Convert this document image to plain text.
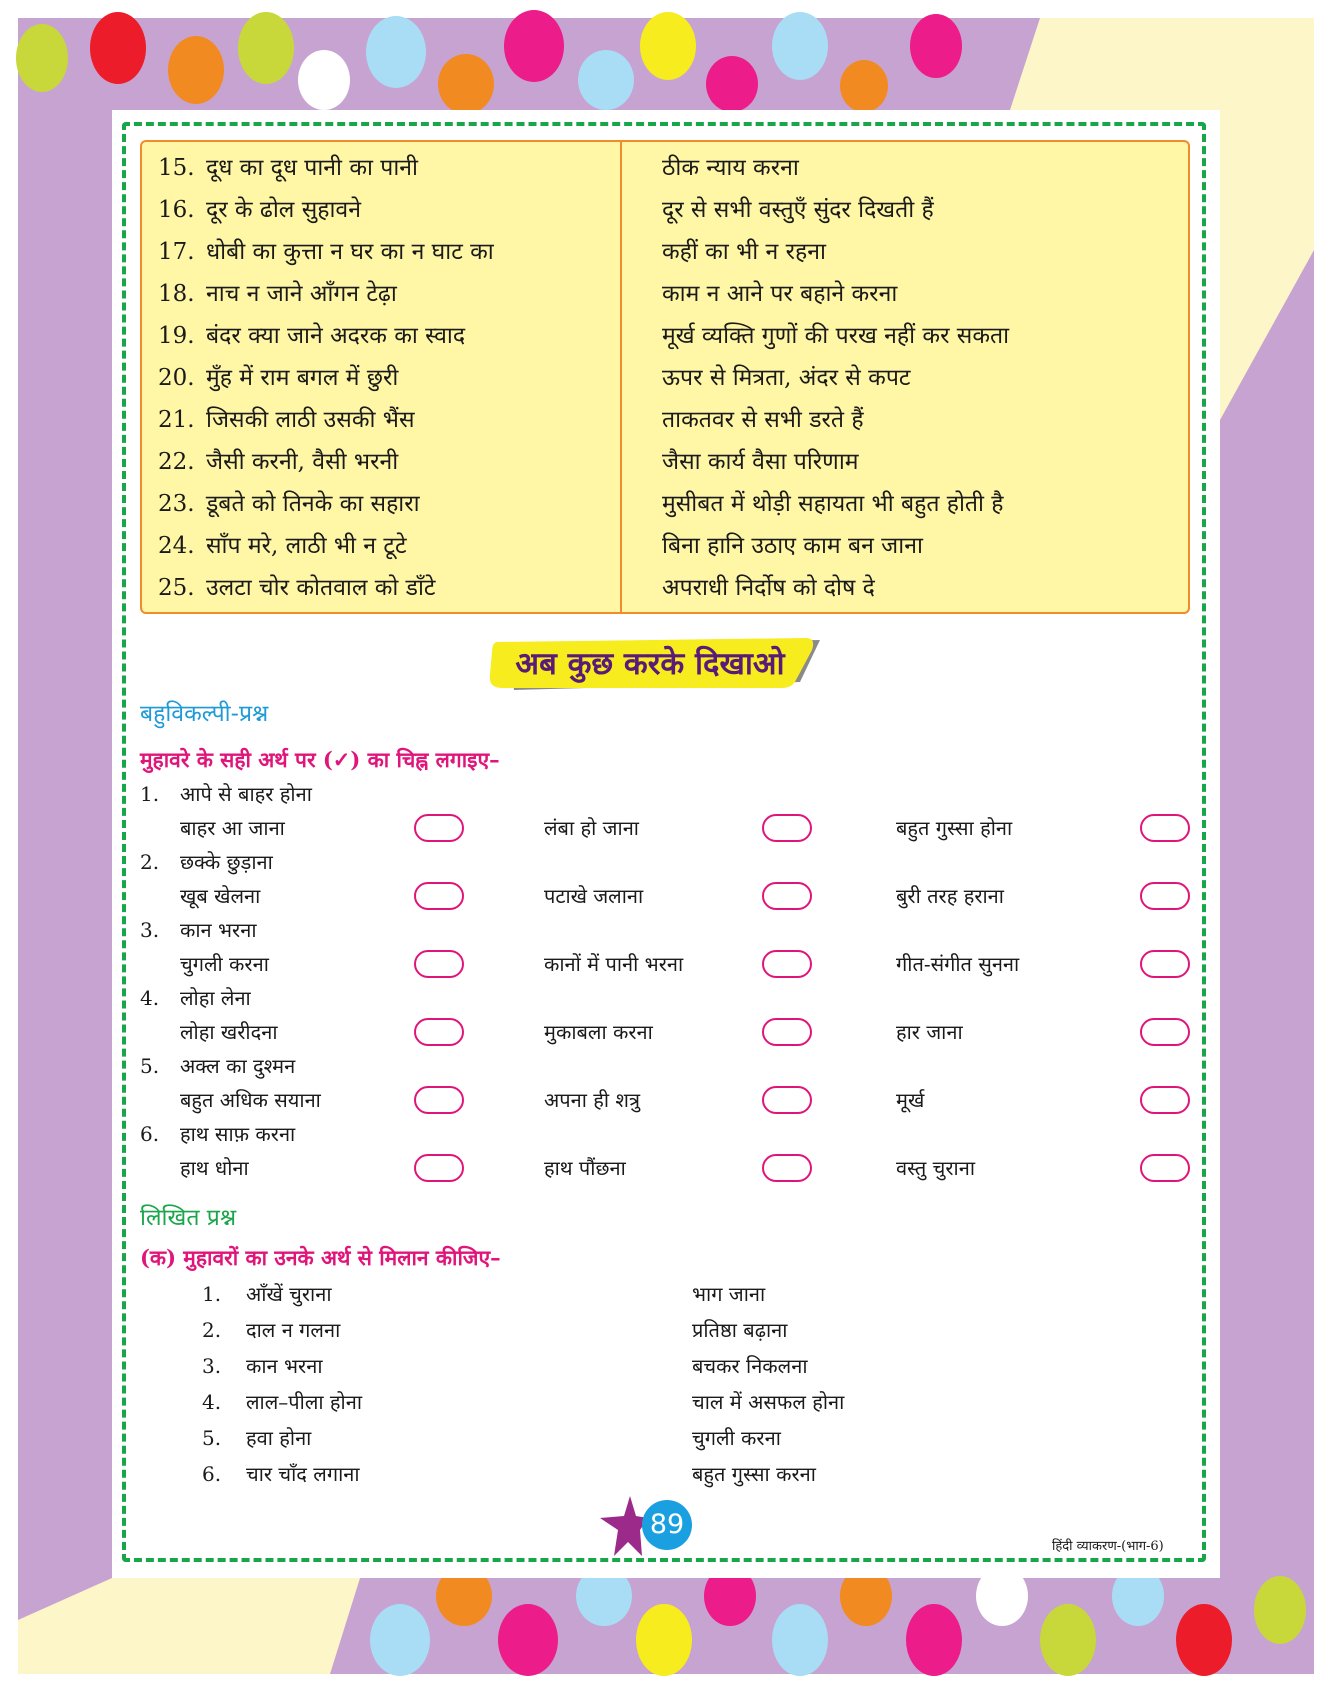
15. दूध का दूध पानी का पानी	ठीक न्याय करना
16. दूर के ढोल सुहावने	दूर से सभी वस्तुएँ सुंदर दिखती हैं
17. धोबी का कुत्ता न घर का न घाट का	कहीं का भी न रहना
18. नाच न जाने आँगन टेढ़ा	काम न आने पर बहाने करना
19. बंदर क्या जाने अदरक का स्वाद	मूर्ख व्यक्ति गुणों की परख नहीं कर सकता
20. मुँह में राम बगल में छुरी	ऊपर से मित्रता, अंदर से कपट
21. जिसकी लाठी उसकी भैंस	ताकतवर से सभी डरते हैं
22. जैसी करनी, वैसी भरनी	जैसा कार्य वैसा परिणाम
23. डूबते को तिनके का सहारा	मुसीबत में थोड़ी सहायता भी बहुत होती है
24. साँप मरे, लाठी भी न टूटे	बिना हानि उठाए काम बन जाना
25. उलटा चोर कोतवाल को डाँटे	अपराधी निर्दोष को दोष दे
अब कुछ करके दिखाओ
बहुविकल्पी-प्रश्न
मुहावरे के सही अर्थ पर (✓) का चिह्न लगाइए–
1. आपे से बाहर होना
बाहर आ जाना	लंबा हो जाना	बहुत गुस्सा होना
2. छक्के छुड़ाना
खूब खेलना	पटाखे जलाना	बुरी तरह हराना
3. कान भरना
चुगली करना	कानों में पानी भरना	गीत-संगीत सुनना
4. लोहा लेना
लोहा खरीदना	मुकाबला करना	हार जाना
5. अक्ल का दुश्मन
बहुत अधिक सयाना	अपना ही शत्रु	मूर्ख
6. हाथ साफ़ करना
हाथ धोना	हाथ पौंछना	वस्तु चुराना
लिखित प्रश्न
(क) मुहावरों का उनके अर्थ से मिलान कीजिए–
1. आँखें चुराना	भाग जाना
2. दाल न गलना	प्रतिष्ठा बढ़ाना
3. कान भरना	बचकर निकलना
4. लाल–पीला होना	चाल में असफल होना
5. हवा होना	चुगली करना
6. चार चाँद लगाना	बहुत गुस्सा करना
89
हिंदी व्याकरण-(भाग-6)
